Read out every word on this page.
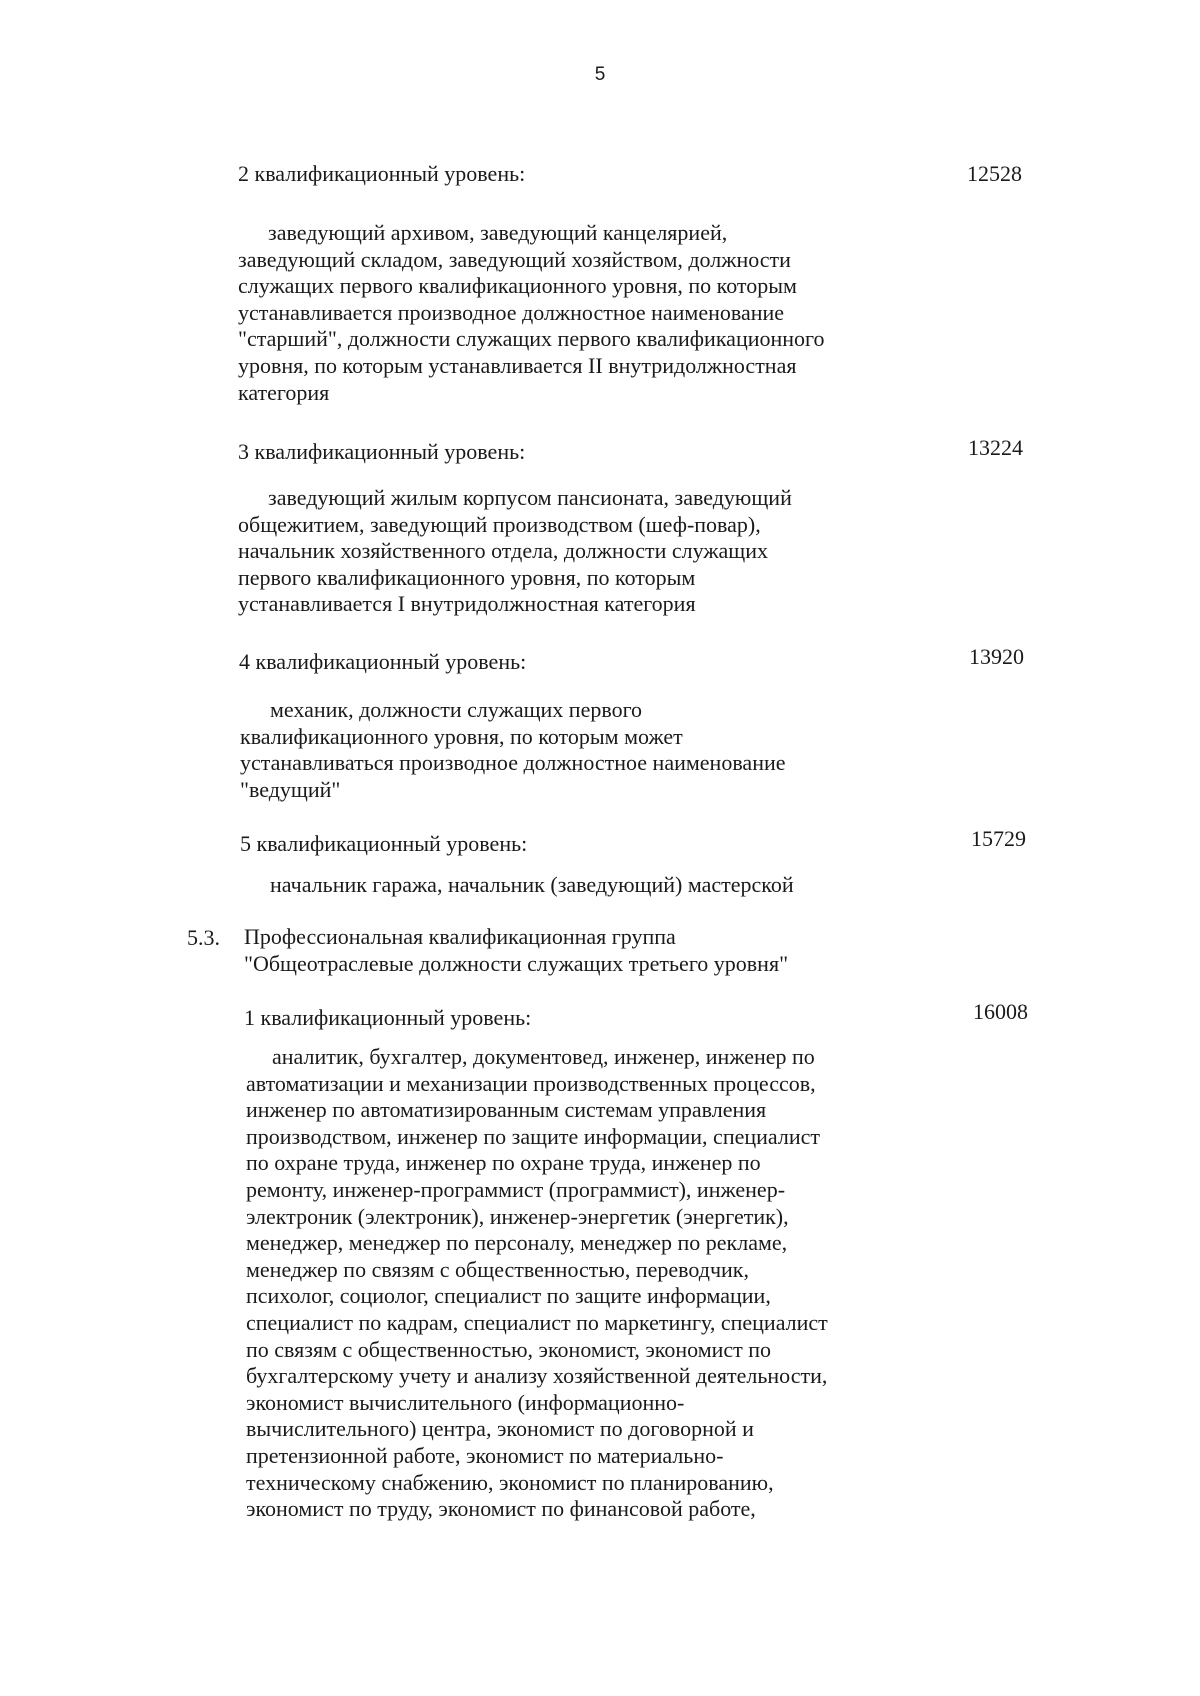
5
2 квалификационный уровень:	12528
заведующий архивом, заведующий канцелярией,
заведующий складом, заведующий хозяйством, должности
служащих первого квалификационного уровня, по которым
устанавливается производное должностное наименование
"старший", должности служащих первого квалификационного
уровня, по которым устанавливается II внутридолжностная
категория
3 квалификационный уровень:	13224
заведующий жилым корпусом пансионата, заведующий
общежитием, заведующий производством (шеф-повар),
начальник хозяйственного отдела, должности служащих
первого квалификационного уровня, по которым
устанавливается I внутридолжностная категория
4 квалификационный уровень:	13920
механик, должности служащих первого
квалификационного уровня, по которым может
устанавливаться производное должностное наименование
"ведущий"
5 квалификационный уровень:	15729
начальник гаража, начальник (заведующий) мастерской
5.3. Профессиональная квалификационная группа
"Общеотраслевые должности служащих третьего уровня"
1 квалификационный уровень:	16008
аналитик, бухгалтер, документовед, инженер, инженер по
автоматизации и механизации производственных процессов,
инженер по автоматизированным системам управления
производством, инженер по защите информации, специалист
по охране труда, инженер по охране труда, инженер по
ремонту, инженер-программист (программист), инженер-
электроник (электроник), инженер-энергетик (энергетик),
менеджер, менеджер по персоналу, менеджер по рекламе,
менеджер по связям с общественностью, переводчик,
психолог, социолог, специалист по защите информации,
специалист по кадрам, специалист по маркетингу, специалист
по связям с общественностью, экономист, экономист по
бухгалтерскому учету и анализу хозяйственной деятельности,
экономист вычислительного (информационно-
вычислительного) центра, экономист по договорной и
претензионной работе, экономист по материально-
техническому снабжению, экономист по планированию,
экономист по труду, экономист по финансовой работе,
